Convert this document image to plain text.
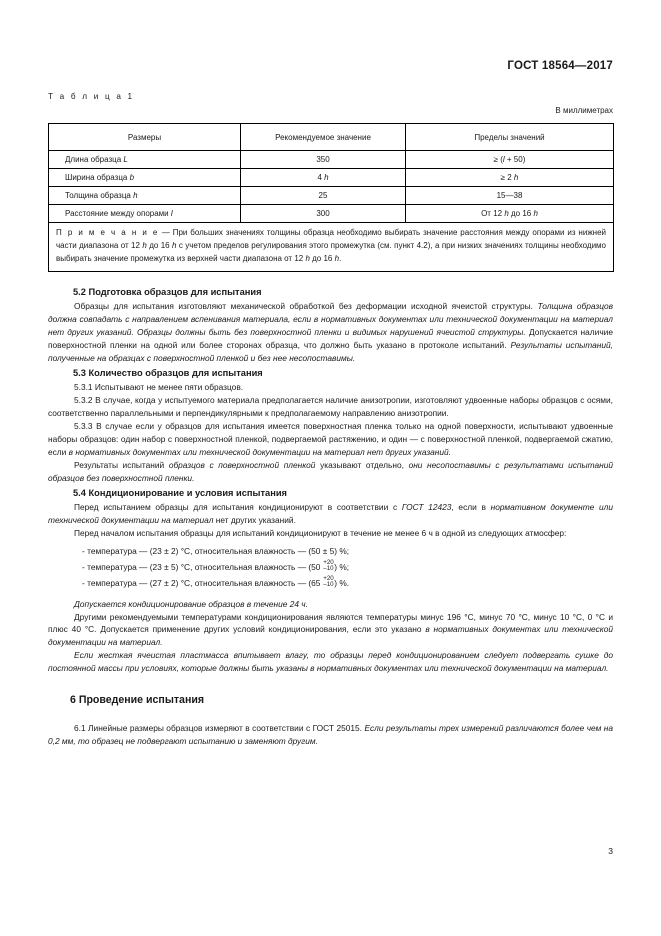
ГОСТ 18564—2017
Т а б л и ц а 1
В миллиметрах
Размеры	Рекомендуемое значение	Пределы значений
Длина образца L	350	≥ (l + 50)
Ширина образца b	4 h	≥ 2 h
Толщина образца h	25	15—38
Расстояние между опорами l	300	От 12 h до 16 h
П р и м е ч а н и е — При больших значениях толщины образца необходимо выбирать значение расстояния между опорами из нижней части диапазона от 12 h до 16 h с учетом пределов регулирования этого промежутка (см. пункт 4.2), а при низких значениях толщины необходимо выбирать значение промежутка из верхней части диапазона от 12 h до 16 h.		
5.2 Подготовка образцов для испытания

Образцы для испытания изготовляют механической обработкой без деформации исходной ячеистой структуры. Толщина образцов должна совпадать с направлением вспенивания материала, если в нормативных документах или технической документации на материал нет других указаний. Образцы должны быть без поверхностной пленки и видимых нарушений ячеистой структуры. Допускается наличие поверхностной пленки на одной или более сторонах образца, что должно быть указано в протоколе испытаний. Результаты испытаний, полученные на образцах с поверхностной пленкой и без нее несопоставимы.

5.3 Количество образцов для испытания

5.3.1 Испытывают не менее пяти образцов.

5.3.2 В случае, когда у испытуемого материала предполагается наличие анизотропии, изготовляют удвоенные наборы образцов с осями, соответственно параллельными и перпендикулярными к предполагаемому направлению анизотропии.

5.3.3 В случае если у образцов для испытания имеется поверхностная пленка только на одной поверхности, испытывают удвоенные наборы образцов: один набор с поверхностной пленкой, подвергаемой растяжению, и один — с поверхностной пленкой, подвергаемой сжатию, если в нормативных документах или технической документации на материал нет других указаний.

Результаты испытаний образцов с поверхностной пленкой указывают отдельно, они несопоставимы с результатами испытаний образцов без поверхностной пленки.

5.4 Кондиционирование и условия испытания

Перед испытанием образцы для испытания кондиционируют в соответствии с ГОСТ 12423, если в нормативном документе или технической документации на материал нет других указаний.

Перед началом испытания образцы для испытаний кондиционируют в течение не менее 6 ч в одной из следующих атмосфер:

- температура — (23 ± 2) °С, относительная влажность — (50 ± 5) %;
- температура — (23 ± 5) °С, относительная влажность — (50 +20
–10 ) %;
- температура — (27 ± 2) °С, относительная влажность — (65 +20
–10 ) %.

Допускается кондиционирование образцов в течение 24 ч.

Другими рекомендуемыми температурами кондиционирования являются температуры минус 196 °С, минус 70 °С, минус 10 °С, 0 °С и плюс 40 °С. Допускается применение других условий кондиционирования, если это указано в нормативных документах или технической документации на материал.

Если жесткая ячеистая пластмасса впитывает влагу, то образцы перед кондиционированием следует подвергать сушке до постоянной массы при условиях, которые должны быть указаны в нормативных документах или технической документации на материал.

6 Проведение испытания

6.1 Линейные размеры образцов измеряют в соответствии с ГОСТ 25015. Если результаты трех измерений различаются более чем на 0,2 мм, то образец не подвергают испытанию и заменяют другим.

3
